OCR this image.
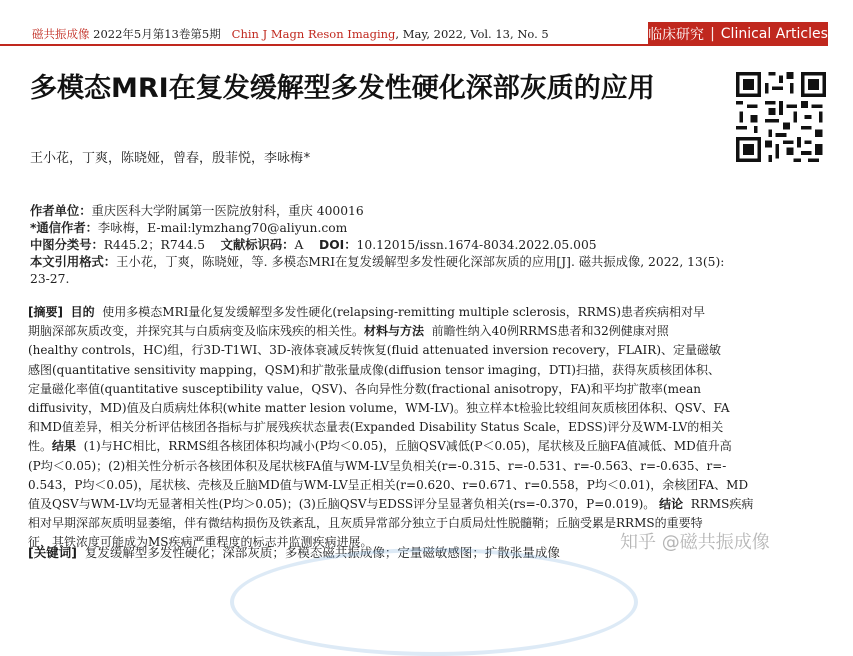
磁共振成像 2022年5月第13卷第5期 Chin J Magn Reson Imaging, May, 2022, Vol. 13, No. 5	临床研究 | Clinical Articles
多模态MRI在复发缓解型多发性硬化深部灰质的应用
王小花，丁爽，陈晓娅，曾春，殷菲悦，李咏梅*
作者单位：重庆医科大学附属第一医院放射科，重庆 400016
*通信作者：李咏梅，E-mail:lymzhang70@aliyun.com
中图分类号：R445.2；R744.5 文献标识码：A DOI：10.12015/issn.1674-8034.2022.05.005
本文引用格式：王小花，丁爽，陈晓娅，等. 多模态MRI在复发缓解型多发性硬化深部灰质的应用[J]. 磁共振成像, 2022, 13(5):
23-27.
[摘要] 目的 使用多模态MRI量化复发缓解型多发性硬化(relapsing-remitting multiple sclerosis，RRMS)患者疾病相对早
期脑深部灰质改变，并探究其与白质病变及临床残疾的相关性。材料与方法 前瞻性纳入40例RRMS患者和32例健康对照
(healthy controls，HC)组，行3D-T1WI、3D-液体衰减反转恢复(fluid attenuated inversion recovery，FLAIR)、定量磁敏
感图(quantitative sensitivity mapping，QSM)和扩散张量成像(diffusion tensor imaging，DTI)扫描，获得灰质核团体积、
定量磁化率值(quantitative susceptibility value，QSV)、各向异性分数(fractional anisotropy，FA)和平均扩散率(mean
diffusivity，MD)值及白质病灶体积(white matter lesion volume，WM-LV)。独立样本t检验比较组间灰质核团体积、QSV、FA
和MD值差异，相关分析评估核团各指标与扩展残疾状态量表(Expanded Disability Status Scale，EDSS)评分及WM-LV的相关
性。结果 (1)与HC相比，RRMS组各核团体积均减小(P均＜0.05)，丘脑QSV减低(P＜0.05)，尾状核及丘脑FA值减低、MD值升高
(P均＜0.05)；(2)相关性分析示各核团体积及尾状核FA值与WM-LV呈负相关(r=-0.315、r=-0.531、r=-0.563、r=-0.635、r=-
0.543，P均＜0.05)，尾状核、壳核及丘脑MD值与WM-LV呈正相关(r=0.620、r=0.671、r=0.558，P均＜0.01)，余核团FA、MD
值及QSV与WM-LV均无显著相关性(P均＞0.05)；(3)丘脑QSV与EDSS评分呈显著负相关(rs=-0.370，P=0.019)。 结论 RRMS疾病
相对早期深部灰质明显萎缩，伴有微结构损伤及铁紊乱，且灰质异常部分独立于白质局灶性脱髓鞘；丘脑受累是RRMS的重要特
征，其铁浓度可能成为MS疾病严重程度的标志并监测疾病进展。
[关键词] 复发缓解型多发性硬化；深部灰质；多模态磁共振成像；定量磁敏感图；扩散张量成像	知乎 @磁共振成像
